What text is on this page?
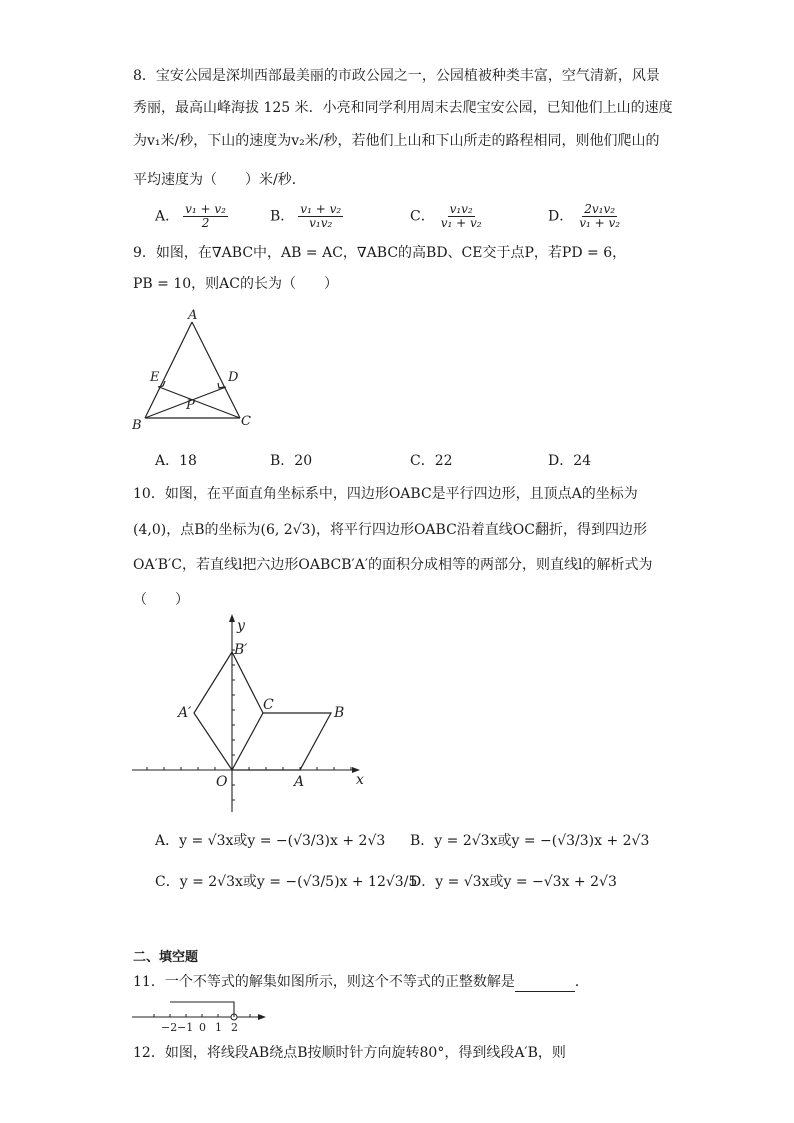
8．宝安公园是深圳西部最美丽的市政公园之一，公园植被种类丰富，空气清新，风景
秀丽，最高山峰海拔 125 米．小亮和同学利用周末去爬宝安公园，已知他们上山的速度
为v₁米/秒，下山的速度为v₂米/秒，若他们上山和下山所走的路程相同，则他们爬山的
平均速度为（　　）米/秒．
A． $\frac{\text{v₁ + v₂}}{2}$	B． $\frac{\text{v₁ + v₂}}{\text{v₁v₂}}$	C． $\frac{\text{v₁v₂}}{\text{v₁ + v₂}}$	D． $\frac{\text{2v₁v₂}}{\text{v₁ + v₂}}$
9．如图，在∇ABC中，AB = AC，∇ABC的高BD、CE交于点P，若PD = 6，
PB = 10，则AC的长为（　　）
A
B	C
D
E
P
A．18	B．20	C．22	D．24
10．如图，在平面直角坐标系中，四边形OABC是平行四边形，且顶点A的坐标为
(4,0)，点B的坐标为(6, 2√3)，将平行四边形OABC沿着直线OC翻折，得到四边形
OA′B′C，若直线l把六边形OABCB′A′的面积分成相等的两部分，则直线l的解析式为
（　　）
y
x
O	A
B
C
A′
B′
A．y = √3x或y = −(√3/3)x + 2√3 B．y = 2√3x或y = −(√3/3)x + 2√3
C．y = 2√3x或y = −(√3/5)x + 12√3/5
D．y = √3x或y = −√3x + 2√3
二、填空题
11．一个不等式的解集如图所示，则这个不等式的正整数解是	．
−2 −1 0 1 2
12．如图，将线段AB绕点B按顺时针方向旋转80°，得到线段A′B，则
